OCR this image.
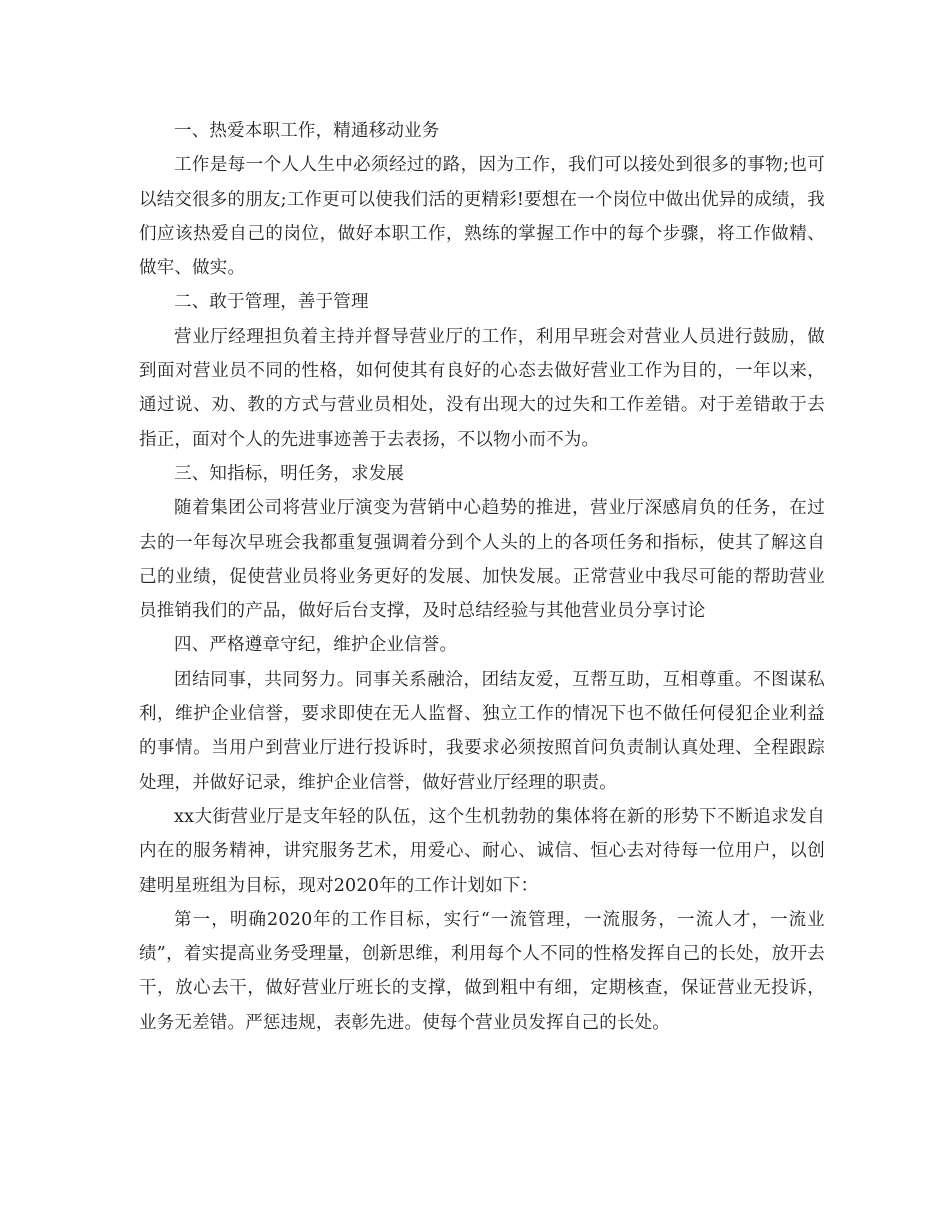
一、热爱本职工作，精通移动业务

工作是每一个人人生中必须经过的路，因为工作，我们可以接处到很多的事物;也可以结交很多的朋友;工作更可以使我们活的更精彩!要想在一个岗位中做出优异的成绩，我们应该热爱自己的岗位，做好本职工作，熟练的掌握工作中的每个步骤，将工作做精、做牢、做实。

二、敢于管理，善于管理

营业厅经理担负着主持并督导营业厅的工作，利用早班会对营业人员进行鼓励，做到面对营业员不同的性格，如何使其有良好的心态去做好营业工作为目的，一年以来，通过说、劝、教的方式与营业员相处，没有出现大的过失和工作差错。对于差错敢于去指正，面对个人的先进事迹善于去表扬，不以物小而不为。

三、知指标，明任务，求发展

随着集团公司将营业厅演变为营销中心趋势的推进，营业厅深感肩负的任务，在过去的一年每次早班会我都重复强调着分到个人头的上的各项任务和指标，使其了解这自己的业绩，促使营业员将业务更好的发展、加快发展。正常营业中我尽可能的帮助营业员推销我们的产品，做好后台支撑，及时总结经验与其他营业员分享讨论

四、严格遵章守纪，维护企业信誉。

团结同事，共同努力。同事关系融洽，团结友爱，互帮互助，互相尊重。不图谋私利，维护企业信誉，要求即使在无人监督、独立工作的情况下也不做任何侵犯企业利益的事情。当用户到营业厅进行投诉时，我要求必须按照首问负责制认真处理、全程跟踪处理，并做好记录，维护企业信誉，做好营业厅经理的职责。

xx大街营业厅是支年轻的队伍，这个生机勃勃的集体将在新的形势下不断追求发自内在的服务精神，讲究服务艺术，用爱心、耐心、诚信、恒心去对待每一位用户，以创建明星班组为目标，现对2020年的工作计划如下：

第一，明确2020年的工作目标，实行“一流管理，一流服务，一流人才，一流业绩”，着实提高业务受理量，创新思维，利用每个人不同的性格发挥自己的长处，放开去干，放心去干，做好营业厅班长的支撑，做到粗中有细，定期核查，保证营业无投诉，业务无差错。严惩违规，表彰先进。使每个营业员发挥自己的长处。
